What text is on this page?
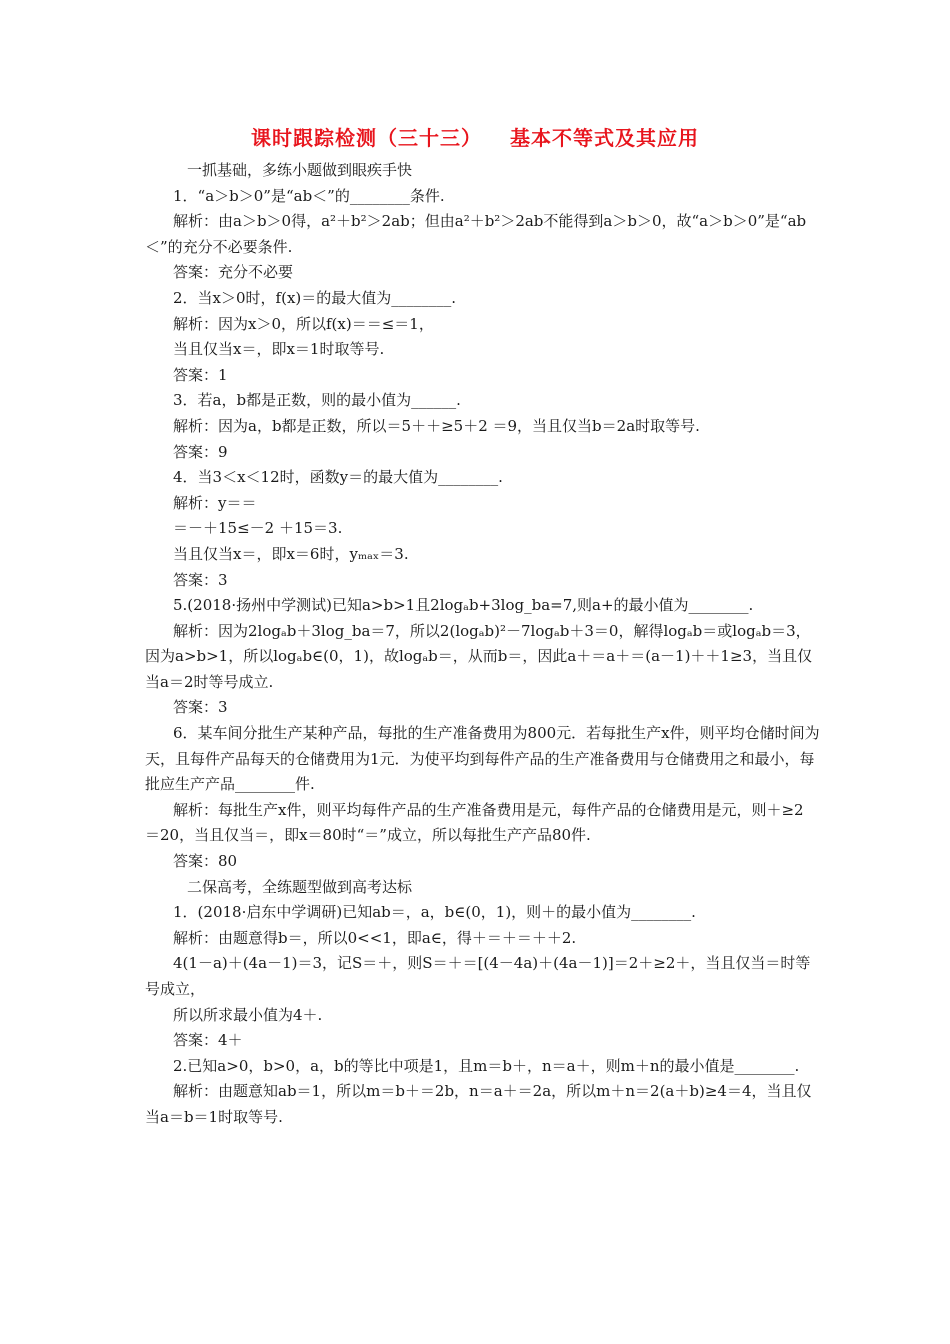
课时跟踪检测（三十三） 基本不等式及其应用
一抓基础，多练小题做到眼疾手快
1．“a＞b＞0”是“ab＜”的________条件.
解析：由a＞b＞0得，a²＋b²＞2ab；但由a²＋b²＞2ab不能得到a＞b＞0，故“a＞b＞0”是“ab＜”的充分不必要条件.
答案：充分不必要
2．当x＞0时，f(x)＝的最大值为________.
解析：因为x＞0，所以f(x)＝＝≤＝1，
当且仅当x＝，即x＝1时取等号.
答案：1
3．若a，b都是正数，则的最小值为______.
解析：因为a，b都是正数，所以＝5＋＋≥5＋2 ＝9，当且仅当b＝2a时取等号.
答案：9
4．当3＜x＜12时，函数y＝的最大值为________.
解析：y＝＝
＝－＋15≤－2 ＋15＝3.
当且仅当x＝，即x＝6时，yₘₐₓ＝3.
答案：3
5.(2018·扬州中学测试)已知a>b>1且2logₐb+3log_ba=7,则a+的最小值为________.
解析：因为2logₐb＋3log_ba＝7，所以2(logₐb)²－7logₐb＋3＝0，解得logₐb＝或logₐb＝3，因为a>b>1，所以logₐb∈(0，1)，故logₐb＝，从而b＝，因此a＋＝a＋＝(a－1)＋＋1≥3，当且仅当a＝2时等号成立.
答案：3
6．某车间分批生产某种产品，每批的生产准备费用为800元．若每批生产x件，则平均仓储时间为天，且每件产品每天的仓储费用为1元．为使平均到每件产品的生产准备费用与仓储费用之和最小，每批应生产产品________件.
解析：每批生产x件，则平均每件产品的生产准备费用是元，每件产品的仓储费用是元，则＋≥2 ＝20，当且仅当＝，即x＝80时“＝”成立，所以每批生产产品80件.
答案：80
二保高考，全练题型做到高考达标
1．(2018·启东中学调研)已知ab＝，a，b∈(0，1)，则＋的最小值为________.
解析：由题意得b＝，所以0<<1，即a∈，得＋＝＋＝＋＋2.
4(1－a)＋(4a－1)＝3，记S＝＋，则S＝＋＝[(4－4a)＋(4a－1)]＝2＋≥2＋，当且仅当＝时等号成立，
所以所求最小值为4＋.
答案：4＋
2.已知a>0，b>0，a，b的等比中项是1，且m＝b＋，n＝a＋，则m＋n的最小值是________.
解析：由题意知ab＝1，所以m＝b＋＝2b，n＝a＋＝2a，所以m＋n＝2(a＋b)≥4＝4，当且仅当a＝b＝1时取等号.
